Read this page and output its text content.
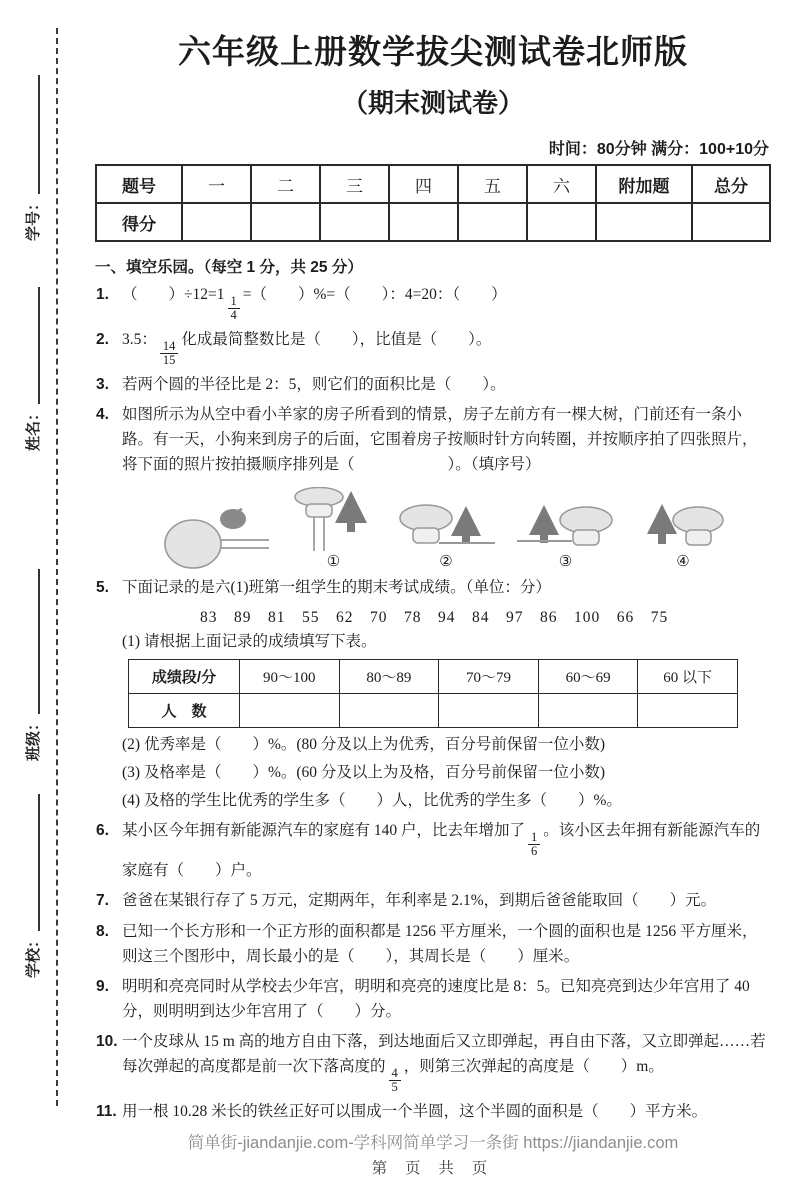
学号：
姓名：
班级：
学校：
六年级上册数学拔尖测试卷北师版
（期末测试卷）
时间：80分钟 满分：100+10分
题号	一	二	三	四	五	六	附加题	总分
得分								
一、填空乐园。（每空 1 分，共 25 分）
1. （　　）÷12=1
$\frac{1}{4}$
=（　　）%=（　　）：4=20：（　　）
2. 3.5：
$\frac{14}{15}$
化成最简整数比是（　　），比值是（　　）。
3. 若两个圆的半径比是 2：5，则它们的面积比是（　　）。
4. 如图所示为从空中看小羊家的房子所看到的情景，房子左前方有一棵大树，门前还有一条小路。有一天，小狗来到房子的后面，它围着房子按顺时针方向转圈，并按顺序拍了四张照片，将下面的照片按拍摄顺序排列是（　　　　　　）。（填序号）
①	②	③	④
5. 下面记录的是六(1)班第一组学生的期末考试成绩。（单位：分）
83　89　81　55　62　70　78　94　84　97　86　100　66　75
(1) 请根据上面记录的成绩填写下表。
成绩段/分	90～100	80～89	70～79	60～69	60 以下
人　数					
(2) 优秀率是（　　）%。(80 分及以上为优秀，百分号前保留一位小数)
(3) 及格率是（　　）%。(60 分及以上为及格，百分号前保留一位小数)
(4) 及格的学生比优秀的学生多（　　）人，比优秀的学生多（　　）%。
6. 某小区今年拥有新能源汽车的家庭有 140 户，比去年增加了
$\frac{1}{6}$
。该小区去年拥有新能源汽车的家庭有（　　）户。
7. 爸爸在某银行存了 5 万元，定期两年，年利率是 2.1%，到期后爸爸能取回（　　）元。
8. 已知一个长方形和一个正方形的面积都是 1256 平方厘米，一个圆的面积也是 1256 平方厘米，则这三个图形中，周长最小的是（　　），其周长是（　　）厘米。
9. 明明和亮亮同时从学校去少年宫，明明和亮亮的速度比是 8：5。已知亮亮到达少年宫用了 40 分，则明明到达少年宫用了（　　）分。
10. 一个皮球从 15 m 高的地方自由下落，到达地面后又立即弹起，再自由下落，又立即弹起……若每次弹起的高度都是前一次下落高度的
$\frac{4}{5}$
，则第三次弹起的高度是（　　）m。
11. 用一根 10.28 米长的铁丝正好可以围成一个半圆，这个半圆的面积是（　　）平方米。
简单街-jiandanjie.com-学科网简单学习一条街 https://jiandanjie.com
第 页 共 页
